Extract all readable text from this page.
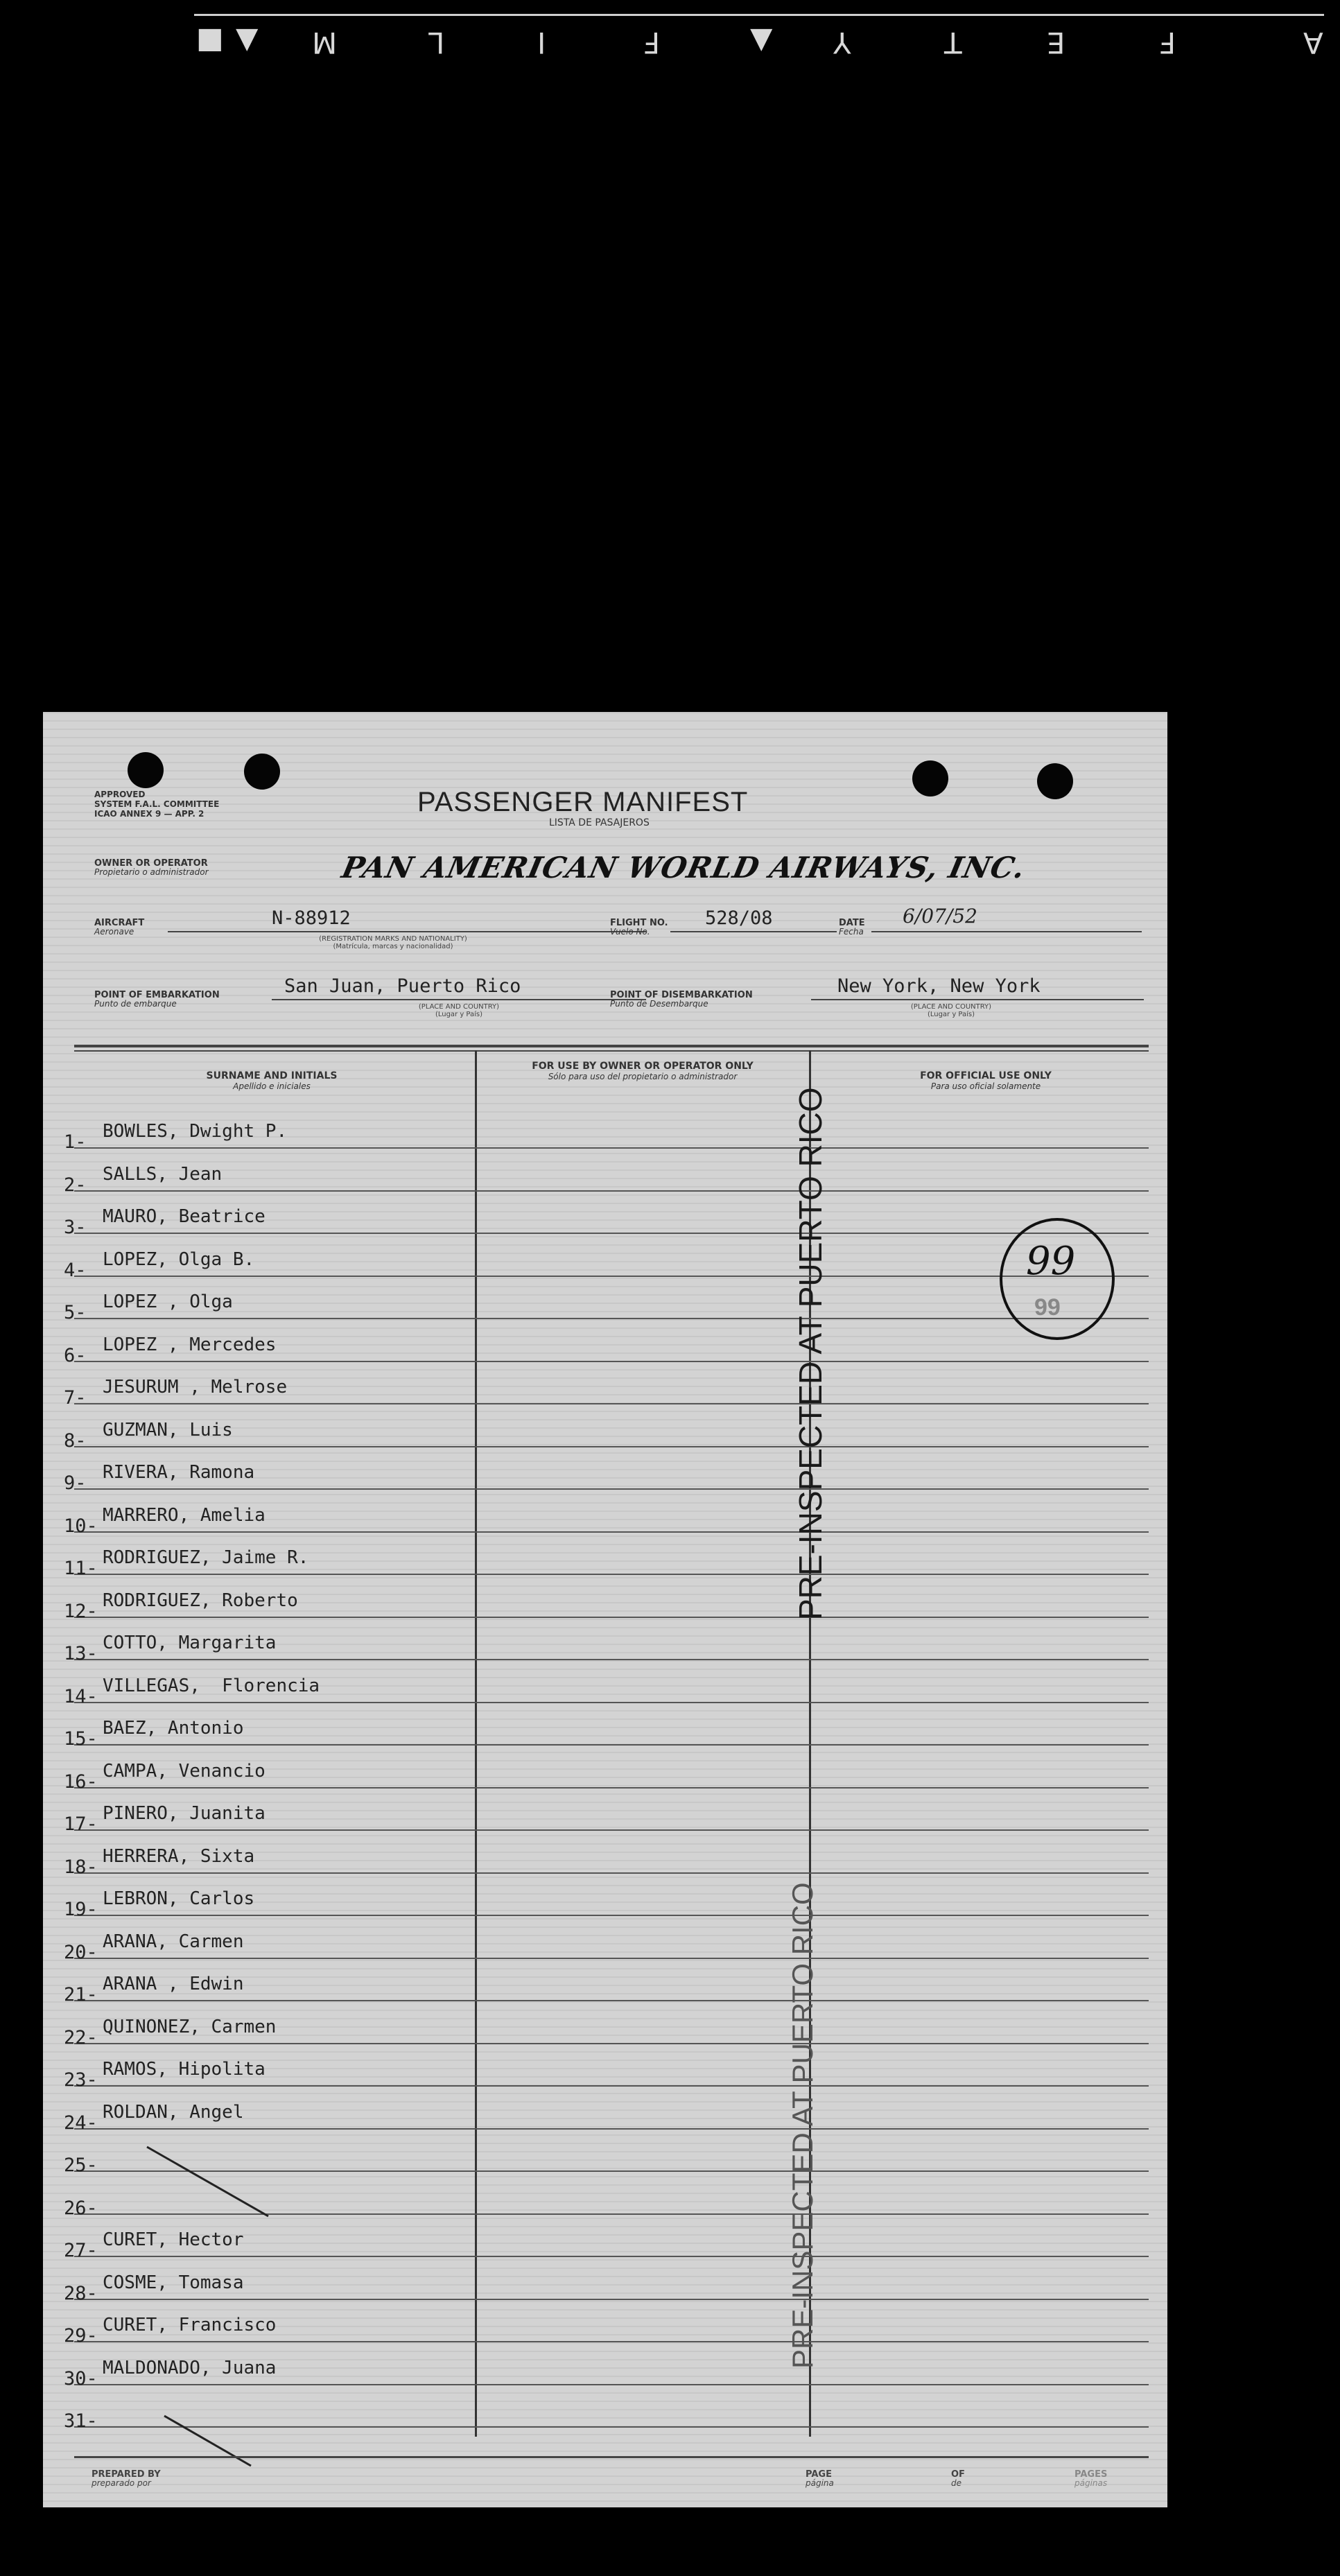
A
F
E
T
Y
▲
F
I
L
M
▲
■
APPROVED
SYSTEM F.A.L. COMMITTEE
ICAO ANNEX 9 — APP. 2	PASSENGER MANIFEST
LISTA DE PASAJEROS
OWNER OR OPERATOR
Propietario o administrador	PAN AMERICAN WORLD AIRWAYS, INC.
AIRCRAFT
Aeronave
N-88912
(REGISTRATION MARKS AND NATIONALITY)
(Matrícula, marcas y nacionalidad)
FLIGHT NO.
Vuelo No.
528/08	DATE
Fecha
6/07/52
POINT OF EMBARKATION
Punto de embarque
San Juan, Puerto Rico
(PLACE AND COUNTRY)
(Lugar y País)
POINT OF DISEMBARKATION
Punto de Desembarque
New York, New York
(PLACE AND COUNTRY)
(Lugar y País)
SURNAME AND INITIALS
Apellido e iniciales
FOR USE BY OWNER OR OPERATOR ONLY
Sólo para uso del propietario o administrador	FOR OFFICIAL USE ONLY
Para uso oficial solamente
1- BOWLES, Dwight P.
2- SALLS, Jean
3- MAURO, Beatrice
4- LOPEZ, Olga B.
5- LOPEZ , Olga
6- LOPEZ , Mercedes
7- JESURUM , Melrose
8- GUZMAN, Luis
9- RIVERA, Ramona
10- MARRERO, Amelia
11- RODRIGUEZ, Jaime R.
12- RODRIGUEZ, Roberto
13- COTTO, Margarita
14- VILLEGAS,  Florencia
15- BAEZ, Antonio
16- CAMPA, Venancio
17- PINERO, Juanita
18- HERRERA, Sixta
19- LEBRON, Carlos
20- ARANA, Carmen
21- ARANA , Edwin
22- QUINONEZ, Carmen
23- RAMOS, Hipolita
24- ROLDAN, Angel
25-
26-
27- CURET, Hector
28- COSME, Tomasa
29- CURET, Francisco
30- MALDONADO, Juana
31-
PRE-INSPECTED AT PUERTO RICO
PRE-INSPECTED AT PUERTO RICO
99
99
PREPARED BY
preparado por
PAGE
página
OF
de
PAGES
páginas
